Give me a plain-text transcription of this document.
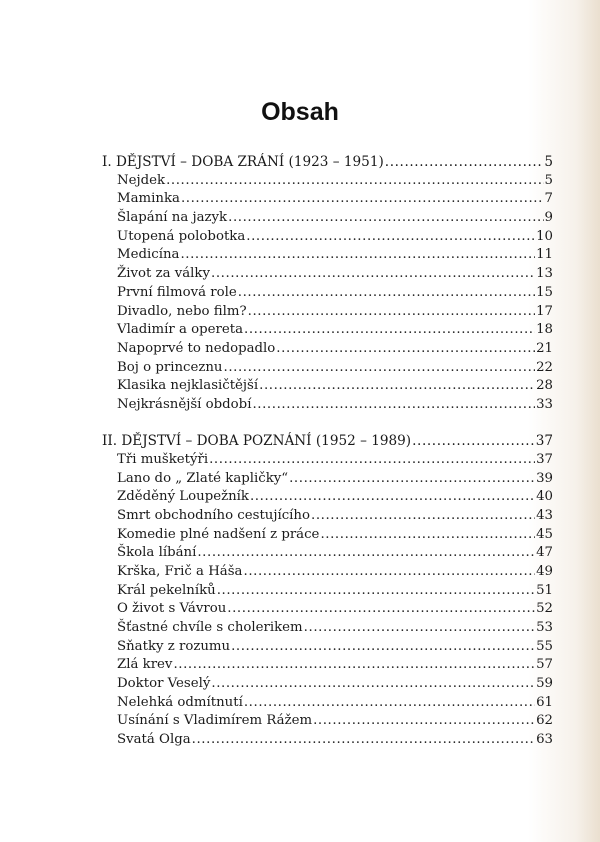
Obsah
I. DĚJSTVÍ – DOBA ZRÁNÍ (1923 – 1951) .....	5
Nejdek .....	5
Maminka .....	7
Šlapání na jazyk .....	9
Utopená polobotka .....	10
Medicína .....	11
Život za války .....	13
První filmová role .....	15
Divadlo, nebo film? .....	17
Vladimír a opereta .....	18
Napoprvé to nedopadlo .....	21
Boj o princeznu .....	22
Klasika nejklasičtější .....	28
Nejkrásnější období .....	33
II. DĚJSTVÍ – DOBA POZNÁNÍ (1952 – 1989) .....	37
Tři mušketýři .....	37
Lano do „ Zlaté kapličky“ .....	39
Zděděný Loupežník .....	40
Smrt obchodního cestujícího .....	43
Komedie plné nadšení z práce .....	45
Škola líbání .....	47
Krška, Frič a Háša .....	49
Král pekelníků .....	51
O život s Vávrou .....	52
Šťastné chvíle s cholerikem .....	53
Sňatky z rozumu .....	55
Zlá krev .....	57
Doktor Veselý .....	59
Nelehká odmítnutí .....	61
Usínání s Vladimírem Rážem .....	62
Svatá Olga .....	63
